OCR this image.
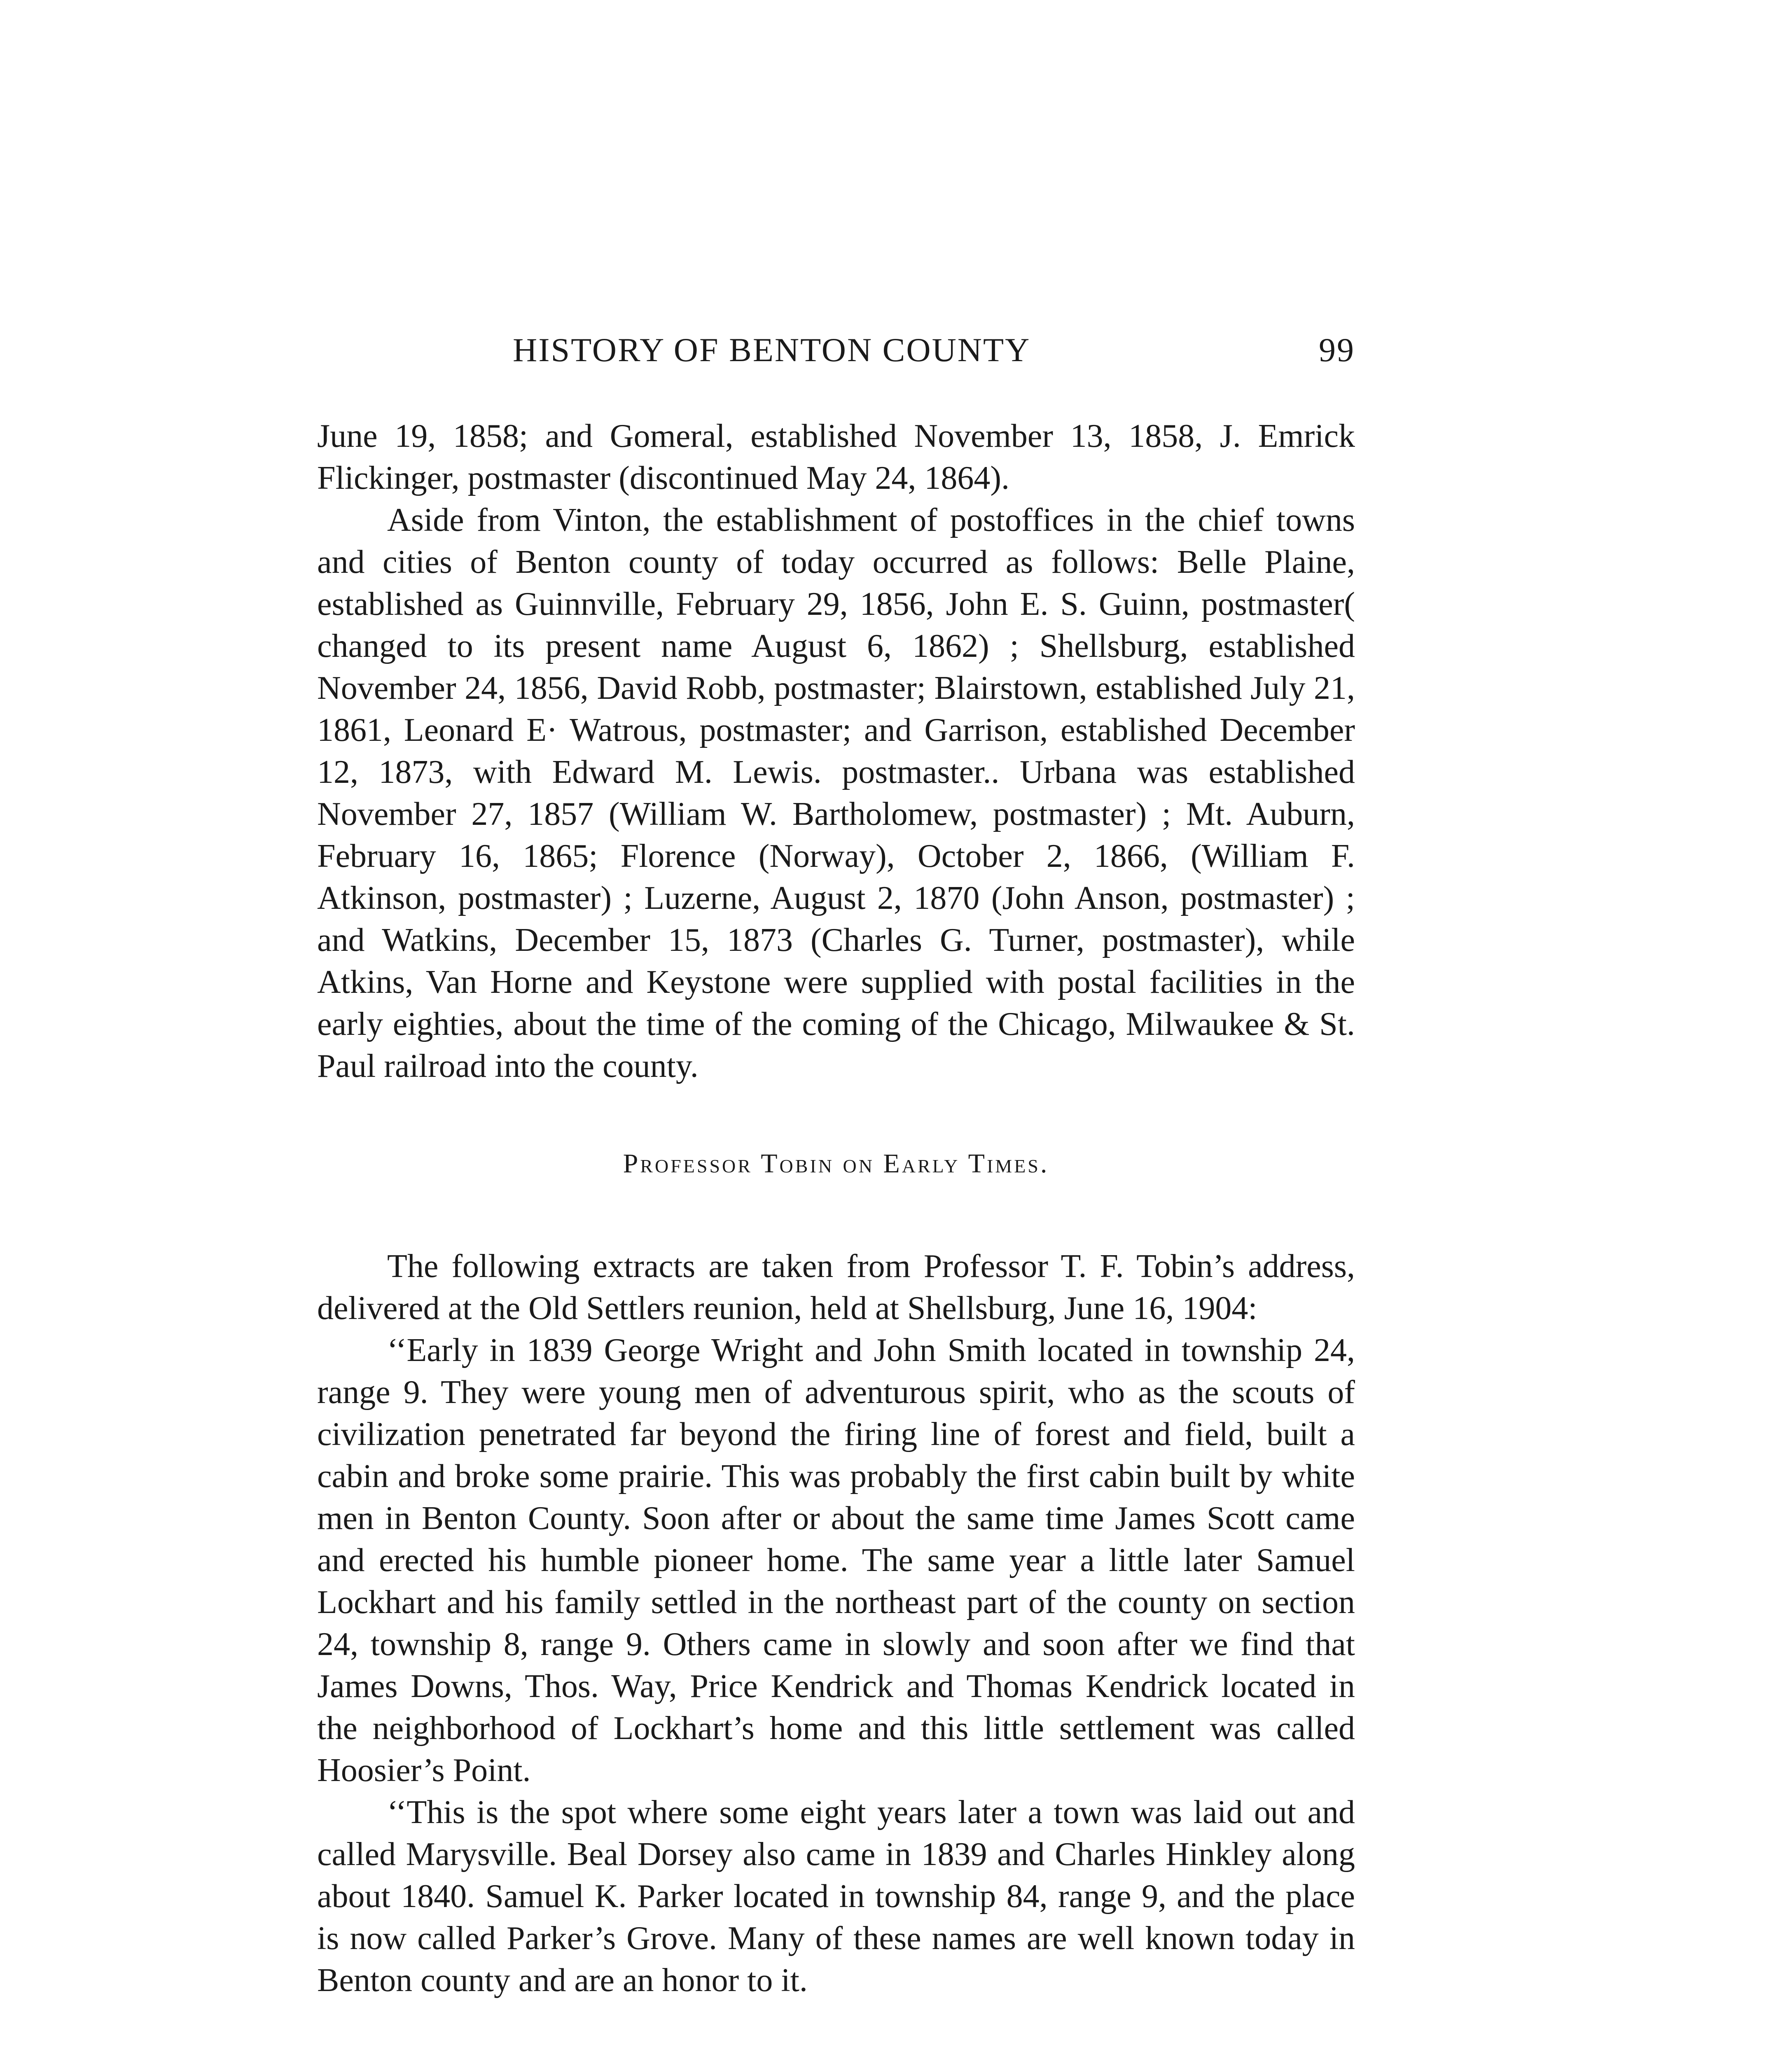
HISTORY OF BENTON COUNTY	99

June 19, 1858; and Gomeral, established November 13, 1858, J. Emrick Flickinger, postmaster (discontinued May 24, 1864).

Aside from Vinton, the establishment of postoffices in the chief towns and cities of Benton county of today occurred as follows: Belle Plaine, established as Guinnville, February 29, 1856, John E. S. Guinn, postmaster( changed to its present name August 6, 1862) ; Shellsburg, established November 24, 1856, David Robb, postmaster; Blairstown, established July 21, 1861, Leonard E· Watrous, postmaster; and Garrison, established December 12, 1873, with Edward M. Lewis. postmaster.. Urbana was established November 27, 1857 (William W. Bartholomew, postmaster) ; Mt. Auburn, February 16, 1865; Florence (Norway), October 2, 1866, (William F. Atkinson, postmaster) ; Luzerne, August 2, 1870 (John Anson, postmaster) ; and Watkins, December 15, 1873 (Charles G. Turner, postmaster), while Atkins, Van Horne and Keystone were supplied with postal facilities in the early eighties, about the time of the coming of the Chicago, Milwaukee & St. Paul railroad into the county.

Professor Tobin on Early Times.

The following extracts are taken from Professor T. F. Tobin’s address, delivered at the Old Settlers reunion, held at Shellsburg, June 16, 1904:

‘‘Early in 1839 George Wright and John Smith located in township 24, range 9. They were young men of adventurous spirit, who as the scouts of civilization penetrated far beyond the firing line of forest and field, built a cabin and broke some prairie. This was probably the first cabin built by white men in Benton County. Soon after or about the same time James Scott came and erected his humble pioneer home. The same year a little later Samuel Lockhart and his family settled in the northeast part of the county on section 24, township 8, range 9. Others came in slowly and soon after we find that James Downs, Thos. Way, Price Kendrick and Thomas Kendrick located in the neighborhood of Lockhart’s home and this little settlement was called Hoosier’s Point.

‘‘This is the spot where some eight years later a town was laid out and called Marysville. Beal Dorsey also came in 1839 and Charles Hinkley along about 1840. Samuel K. Parker located in township 84, range 9, and the place is now called Parker’s Grove. Many of these names are well known today in Benton county and are an honor to it.
